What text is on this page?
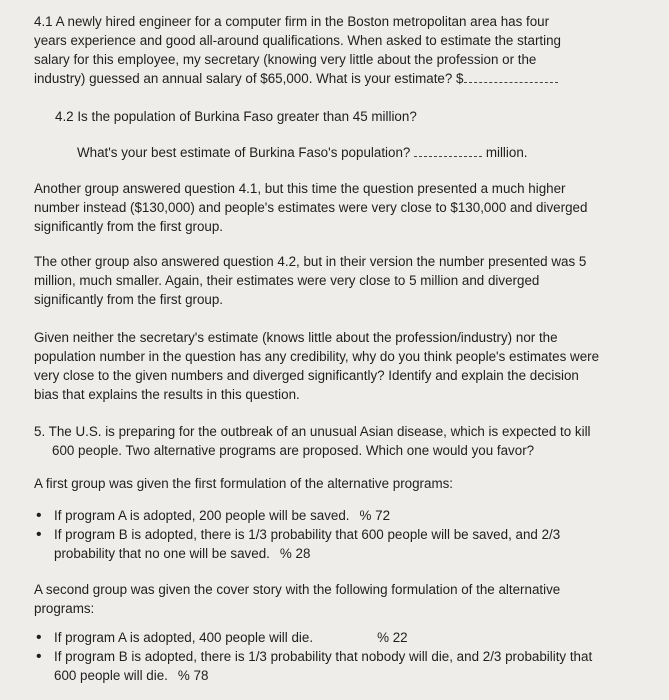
4.1 A newly hired engineer for a computer firm in the Boston metropolitan area has four
years experience and good all-around qualifications. When asked to estimate the starting
salary for this employee, my secretary (knowing very little about the profession or the
industry) guessed an annual salary of $65,000. What is your estimate? $

4.2 Is the population of Burkina Faso greater than 45 million?

What's your best estimate of Burkina Faso's population?	million.

Another group answered question 4.1, but this time the question presented a much higher
number instead ($130,000) and people's estimates were very close to $130,000 and diverged
significantly from the first group.

The other group also answered question 4.2, but in their version the number presented was 5
million, much smaller. Again, their estimates were very close to 5 million and diverged
significantly from the first group.

Given neither the secretary's estimate (knows little about the profession/industry) nor the
population number in the question has any credibility, why do you think people's estimates were
very close to the given numbers and diverged significantly? Identify and explain the decision
bias that explains the results in this question.

5. The U.S. is preparing for the outbreak of an unusual Asian disease, which is expected to kill
600 people. Two alternative programs are proposed. Which one would you favor?

A first group was given the first formulation of the alternative programs:

• If program A is adopted, 200 people will be saved. % 72
• If program B is adopted, there is 1/3 probability that 600 people will be saved, and 2/3
probability that no one will be saved. % 28

A second group was given the cover story with the following formulation of the alternative
programs:

• If program A is adopted, 400 people will die.	% 22
• If program B is adopted, there is 1/3 probability that nobody will die, and 2/3 probability that
600 people will die. % 78
